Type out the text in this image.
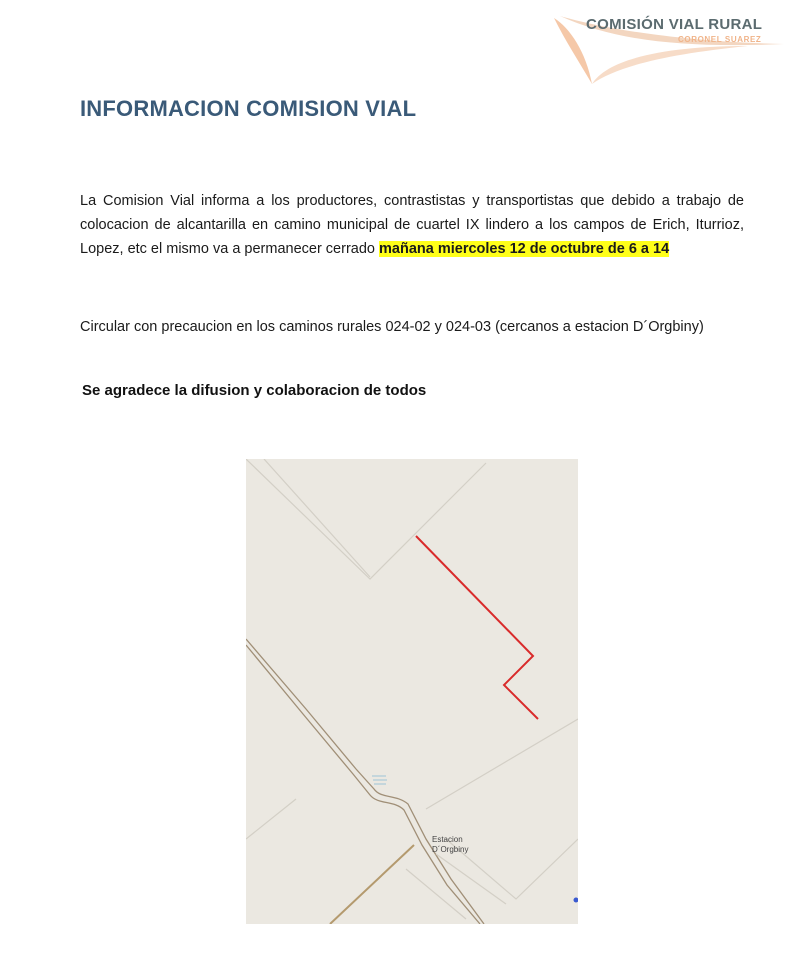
COMISIÓN VIAL RURAL
CORONEL SUAREZ
INFORMACION COMISION VIAL
La Comision Vial informa a los productores, contrastistas y transportistas que debido a trabajo de colocacion de alcantarilla en camino municipal de cuartel IX lindero a los campos de Erich, Iturrioz, Lopez, etc el mismo va a permanecer cerrado mañana miercoles 12 de octubre de 6 a 14
Circular con precaucion en los caminos rurales 024-02 y 024-03 (cercanos a estacion D´Orgbiny)
Se agradece la difusion y colaboracion de todos
Estacion
D´Orgbiny
